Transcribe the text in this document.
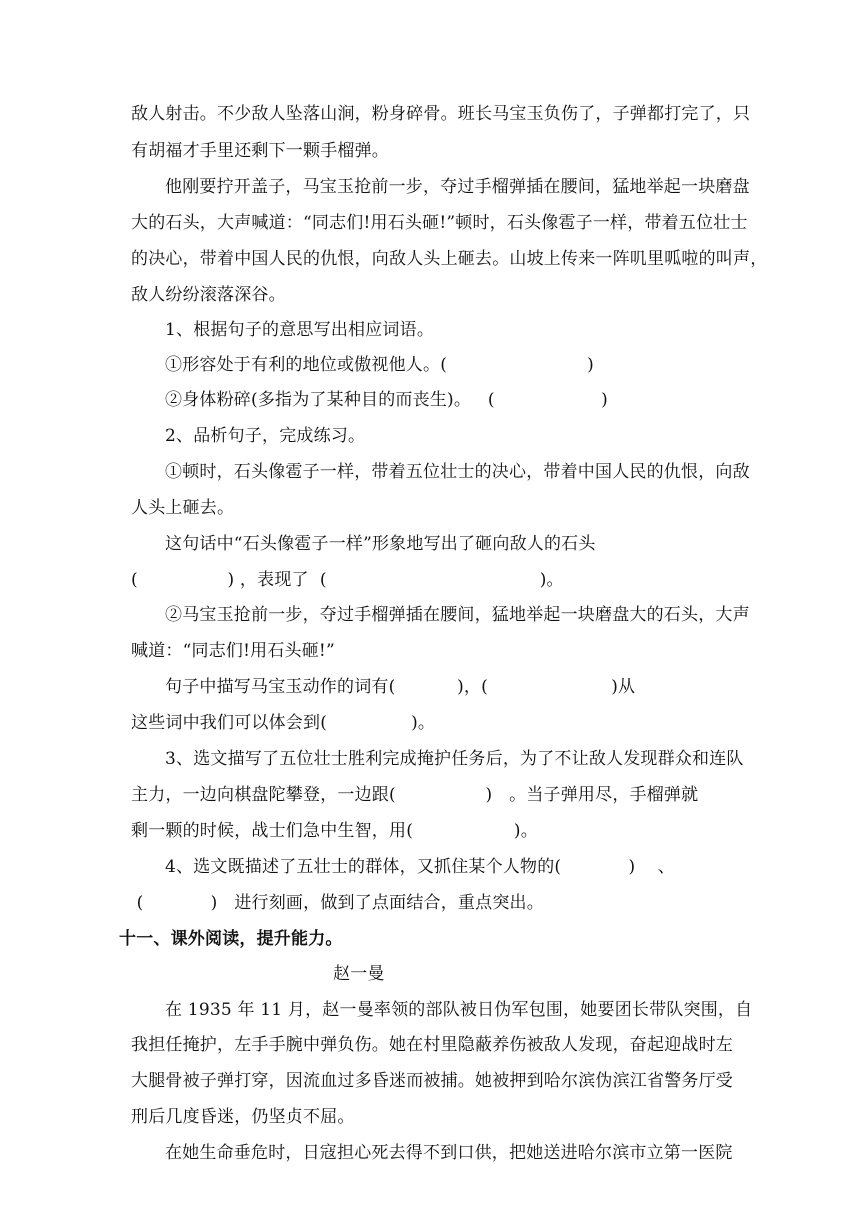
敌人射击。不少敌人坠落山涧，粉身碎骨。班长马宝玉负伤了，子弹都打完了，只
有胡福才手里还剩下一颗手榴弹。
他刚要拧开盖子，马宝玉抢前一步，夺过手榴弹插在腰间，猛地举起一块磨盘
大的石头，大声喊道：“同志们!用石头砸!”顿时，石头像雹子一样，带着五位壮士
的决心，带着中国人民的仇恨，向敌人头上砸去。山坡上传来一阵叽里呱啦的叫声，
敌人纷纷滚落深谷。
1、根据句子的意思写出相应词语。
①形容处于有利的地位或傲视他人。(                         )
②身体粉碎(多指为了某种目的而丧生)。   (                   )
2、品析句子，完成练习。
①顿时，石头像雹子一样，带着五位壮士的决心，带着中国人民的仇恨，向敌
人头上砸去。
这句话中“石头像雹子一样”形象地写出了砸向敌人的石头
(                ) ，表现了  (                                      )。
②马宝玉抢前一步，夺过手榴弹插在腰间，猛地举起一块磨盘大的石头，大声
喊道：“同志们!用石头砸!”
句子中描写马宝玉动作的词有(           )，(                      )从
这些词中我们可以体会到(               )。
3、选文描写了五位壮士胜利完成掩护任务后，为了不让敌人发现群众和连队
主力，一边向棋盘陀攀登，一边跟(                )   。当子弹用尽，手榴弹就
剩一颗的时候，战士们急中生智，用(                  )。
4、选文既描述了五壮士的群体，又抓住某个人物的(            )    、
(            )   进行刻画，做到了点面结合，重点突出。
十一、课外阅读，提升能力。
赵一曼
在 1935 年 11 月，赵一曼率领的部队被日伪军包围，她要团长带队突围，自
我担任掩护，左手手腕中弹负伤。她在村里隐蔽养伤被敌人发现，奋起迎战时左
大腿骨被子弹打穿，因流血过多昏迷而被捕。她被押到哈尔滨伪滨江省警务厅受
刑后几度昏迷，仍坚贞不屈。
在她生命垂危时，日寇担心死去得不到口供，把她送进哈尔滨市立第一医院
